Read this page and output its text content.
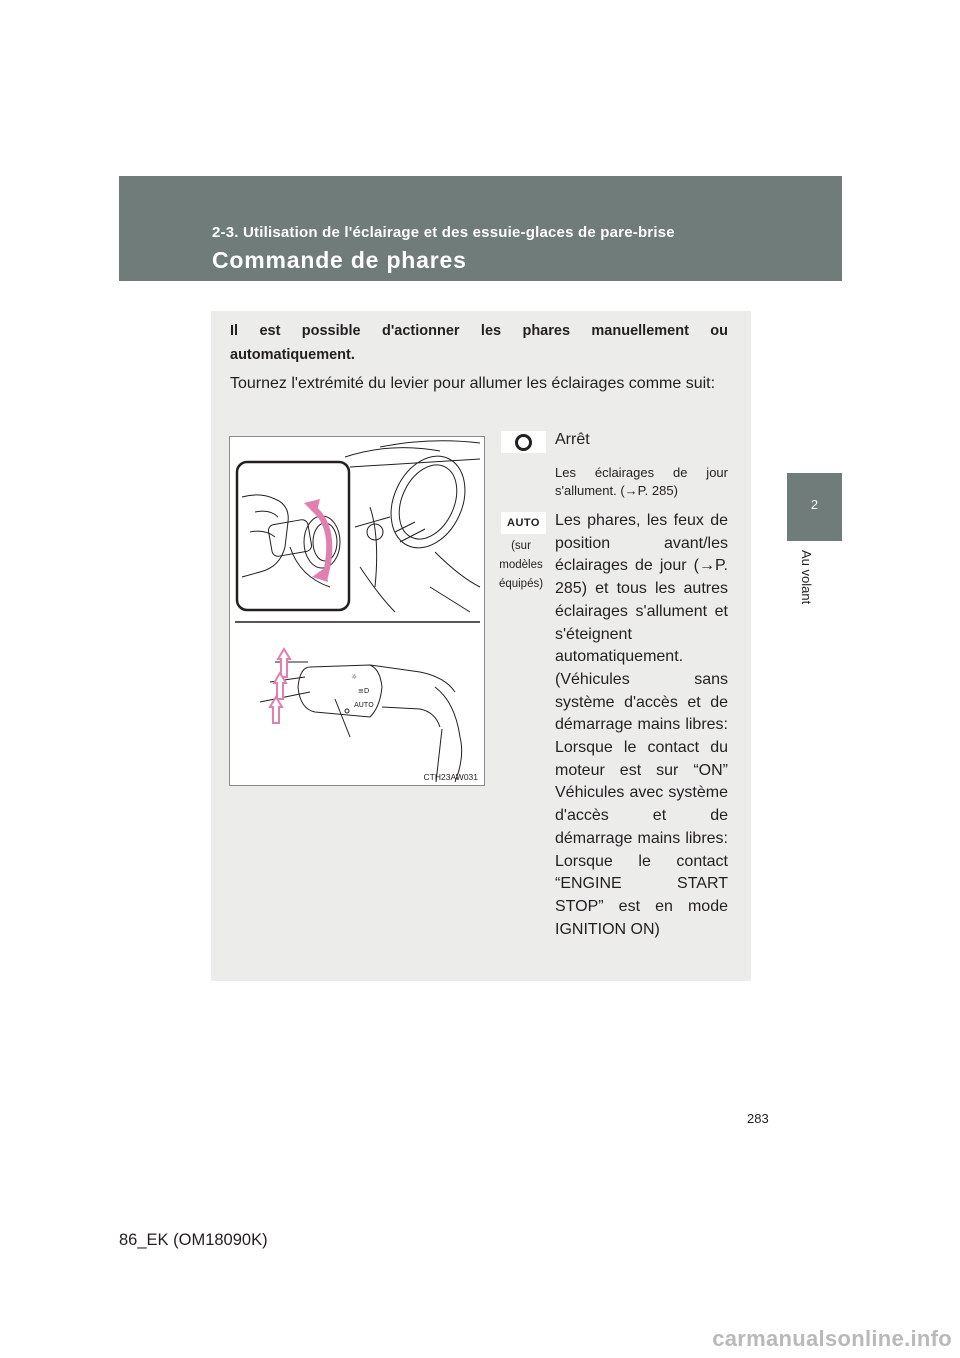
2-3. Utilisation de l'éclairage et des essuie-glaces de pare-brise
Commande de phares
2
Au volant
Il est possible d'actionner les phares manuellement ou automatiquement.
Tournez l'extrémité du levier pour allumer les éclairages comme suit:
☼
≡D
AUTO
CTH23AW031
Arrêt
Les éclairages de jour s'allument. (→P. 285)
AUTO
(sur modèles équipés)
Les phares, les feux de position avant/les éclairages de jour (→P. 285) et tous les autres éclairages s'allument et s'éteignent automatiquement. (Véhicules sans système d'accès et de démarrage mains libres: Lorsque le contact du moteur est sur “ON” Véhicules avec système d'accès et de démarrage mains libres: Lorsque le contact “ENGINE START STOP” est en mode IGNITION ON)
283
86_EK (OM18090K)
carmanualsonline.info
